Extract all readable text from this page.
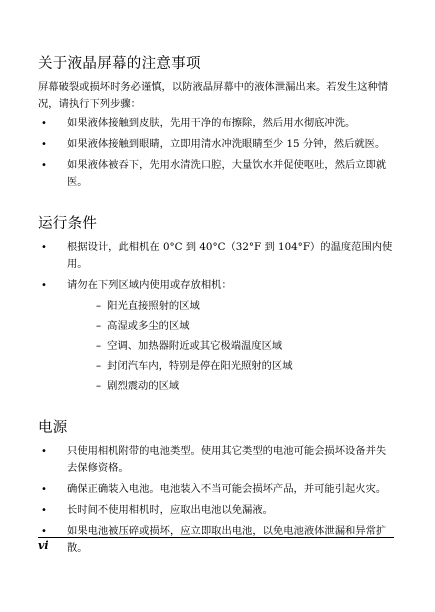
关于液晶屏幕的注意事项

屏幕破裂或损坏时务必谨慎，以防液晶屏幕中的液体泄漏出来。若发生这种情况，请执行下列步骤：

• 如果液体接触到皮肤，先用干净的布擦除，然后用水彻底冲洗。
• 如果液体接触到眼睛，立即用清水冲洗眼睛至少 15 分钟，然后就医。
• 如果液体被吞下，先用水清洗口腔，大量饮水并促使呕吐，然后立即就医。
运行条件
• 根据设计，此相机在 0°C 到 40°C（32°F 到 104°F）的温度范围内使用。
• 请勿在下列区域内使用或存放相机：
– 阳光直接照射的区域
– 高湿或多尘的区域
– 空调、加热器附近或其它极端温度区域
– 封闭汽车内，特别是停在阳光照射的区域
– 剧烈震动的区域
电源
• 只使用相机附带的电池类型。使用其它类型的电池可能会损坏设备并失去保修资格。
• 确保正确装入电池。电池装入不当可能会损坏产品，并可能引起火灾。
• 长时间不使用相机时，应取出电池以免漏液。
• 如果电池被压碎或损坏，应立即取出电池，以免电池液体泄漏和异常扩散。
vi
